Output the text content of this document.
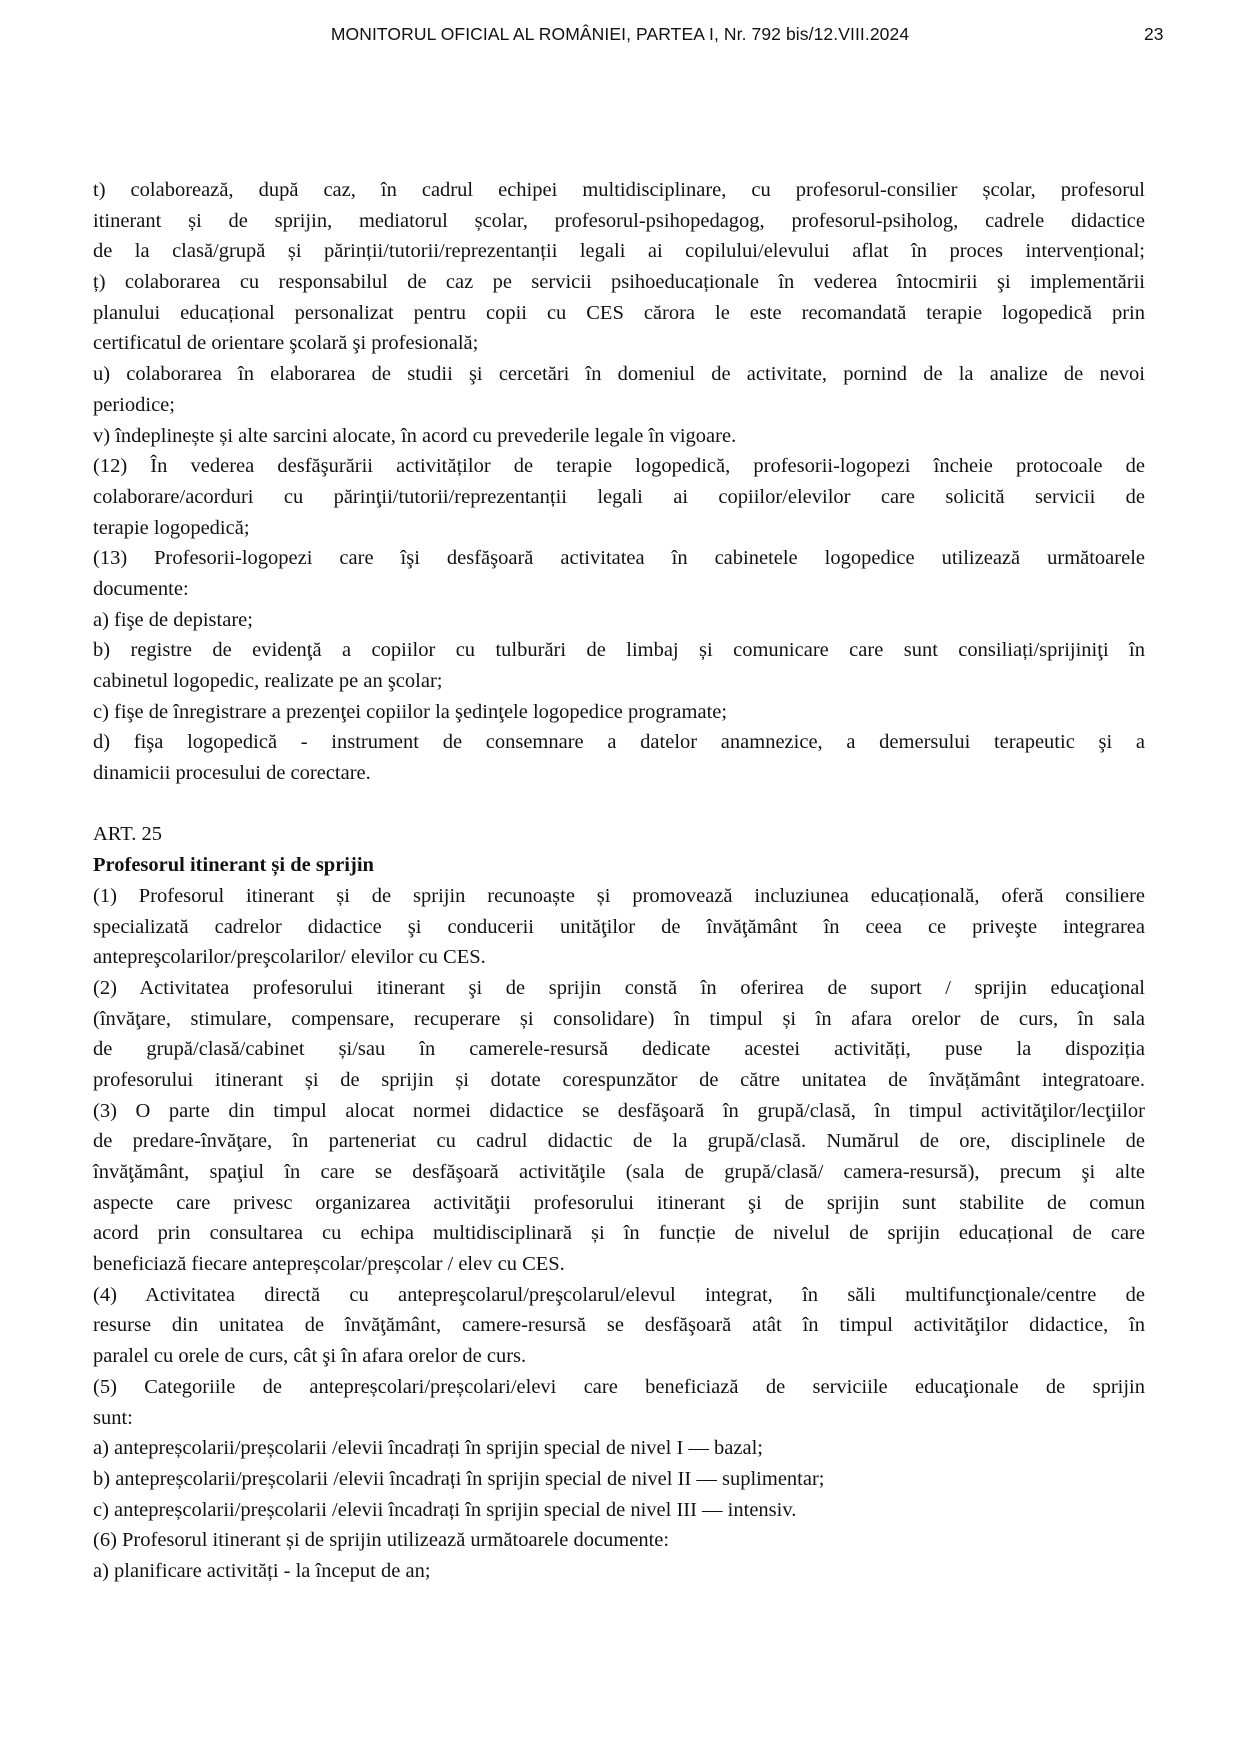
MONITORUL OFICIAL AL ROMÂNIEI, PARTEA I, Nr. 792 bis/12.VIII.2024	23
t) colaborează, după caz, în cadrul echipei multidisciplinare, cu profesorul-consilier școlar, profesorul
itinerant și de sprijin, mediatorul școlar, profesorul-psihopedagog, profesorul-psiholog, cadrele didactice
de la clasă/grupă și părinții/tutorii/reprezentanții legali ai copilului/elevului aflat în proces intervențional;
ț) colaborarea cu responsabilul de caz pe servicii psihoeducaționale în vederea întocmirii şi implementării
planului educațional personalizat pentru copii cu CES cărora le este recomandată terapie logopedică prin
certificatul de orientare şcolară şi profesională;
u) colaborarea în elaborarea de studii şi cercetări în domeniul de activitate, pornind de la analize de nevoi
periodice;
v) îndeplinește și alte sarcini alocate, în acord cu prevederile legale în vigoare.
(12) În vederea desfăşurării activităților de terapie logopedică, profesorii-logopezi încheie protocoale de
colaborare/acorduri cu părinţii/tutorii/reprezentanții legali ai copiilor/elevilor care solicită servicii de
terapie logopedică;
(13) Profesorii-logopezi care îşi desfăşoară activitatea în cabinetele logopedice utilizează următoarele
documente:
a) fişe de depistare;
b) registre de evidenţă a copiilor cu tulburări de limbaj și comunicare care sunt consiliați/sprijiniţi în
cabinetul logopedic, realizate pe an şcolar;
c) fişe de înregistrare a prezenţei copiilor la şedinţele logopedice programate;
d) fişa logopedică - instrument de consemnare a datelor anamnezice, a demersului terapeutic şi a
dinamicii procesului de corectare.
ART. 25
Profesorul itinerant și de sprijin
(1) Profesorul itinerant și de sprijin recunoaște și promovează incluziunea educațională, oferă consiliere
specializată cadrelor didactice şi conducerii unităţilor de învăţământ în ceea ce priveşte integrarea
antepreşcolarilor/preşcolarilor/ elevilor cu CES.
(2) Activitatea profesorului itinerant şi de sprijin constă în oferirea de suport / sprijin educaţional
(învăţare, stimulare, compensare, recuperare și consolidare) în timpul și în afara orelor de curs, în sala
de grupă/clasă/cabinet și/sau în camerele-resursă dedicate acestei activități, puse la dispoziția
profesorului itinerant și de sprijin și dotate corespunzător de către unitatea de învățământ integratoare.
(3) O parte din timpul alocat normei didactice se desfăşoară în grupă/clasă, în timpul activităţilor/lecţiilor
de predare-învăţare, în parteneriat cu cadrul didactic de la grupă/clasă. Numărul de ore, disciplinele de
învăţământ, spaţiul în care se desfăşoară activităţile (sala de grupă/clasă/ camera-resursă), precum şi alte
aspecte care privesc organizarea activităţii profesorului itinerant şi de sprijin sunt stabilite de comun
acord prin consultarea cu echipa multidisciplinară și în funcție de nivelul de sprijin educațional de care
beneficiază fiecare antepreșcolar/preșcolar / elev cu CES.
(4) Activitatea directă cu antepreşcolarul/preşcolarul/elevul integrat, în săli multifuncţionale/centre de
resurse din unitatea de învăţământ, camere-resursă se desfăşoară atât în timpul activităţilor didactice, în
paralel cu orele de curs, cât şi în afara orelor de curs.
(5) Categoriile de antepreșcolari/preșcolari/elevi care beneficiază de serviciile educaţionale de sprijin
sunt:
a) antepreșcolarii/preșcolarii /elevii încadrați în sprijin special de nivel I — bazal;
b) antepreșcolarii/preșcolarii /elevii încadrați în sprijin special de nivel II — suplimentar;
c) antepreșcolarii/preșcolarii /elevii încadrați în sprijin special de nivel III — intensiv.
(6) Profesorul itinerant și de sprijin utilizează următoarele documente:
a) planificare activități - la început de an;
